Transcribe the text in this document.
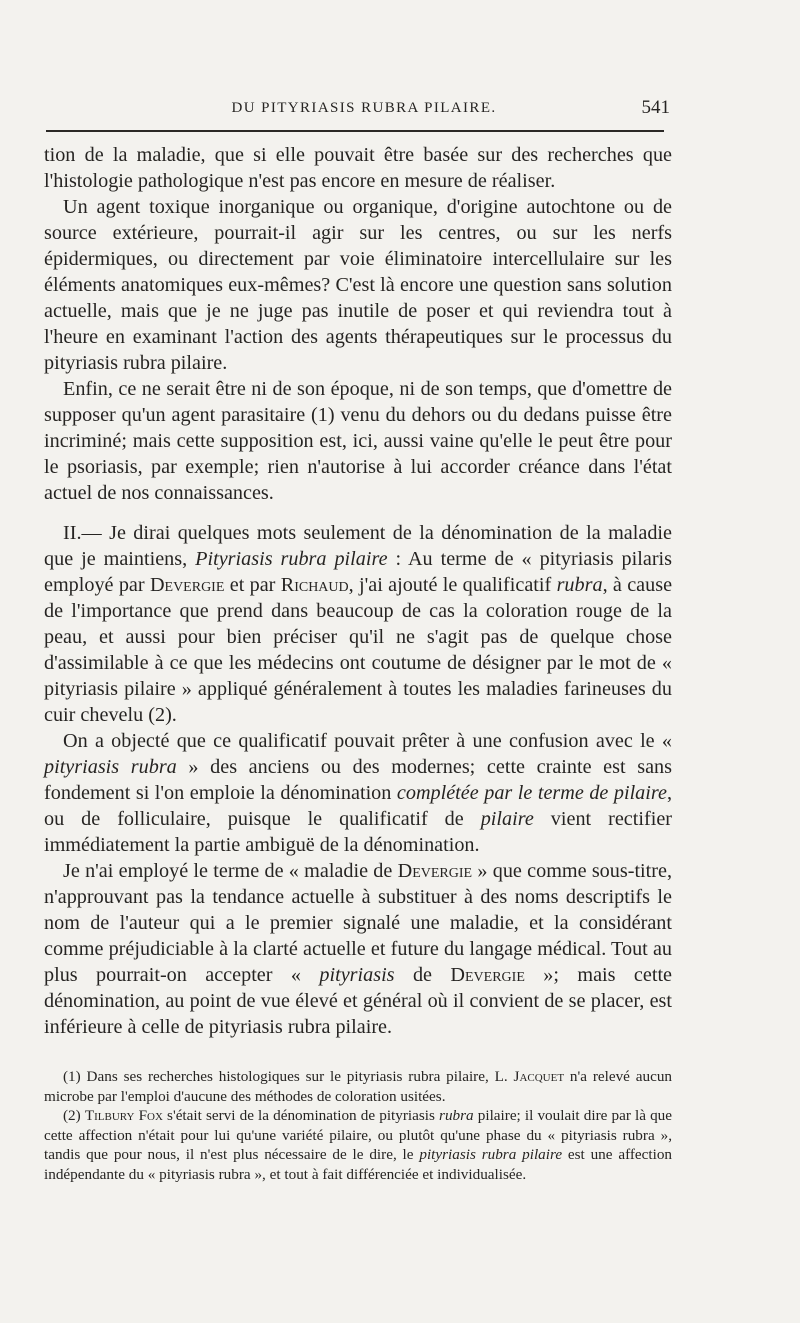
DU PITYRIASIS RUBRA PILAIRE.	541

tion de la maladie, que si elle pouvait être basée sur des recherches que l'histologie pathologique n'est pas encore en mesure de réaliser.

Un agent toxique inorganique ou organique, d'origine autochtone ou de source extérieure, pourrait-il agir sur les centres, ou sur les nerfs épidermiques, ou directement par voie éliminatoire intercellulaire sur les éléments anatomiques eux-mêmes? C'est là encore une question sans solution actuelle, mais que je ne juge pas inutile de poser et qui reviendra tout à l'heure en examinant l'action des agents thérapeutiques sur le processus du pityriasis rubra pilaire.

Enfin, ce ne serait être ni de son époque, ni de son temps, que d'omettre de supposer qu'un agent parasitaire (1) venu du dehors ou du dedans puisse être incriminé; mais cette supposition est, ici, aussi vaine qu'elle le peut être pour le psoriasis, par exemple; rien n'autorise à lui accorder créance dans l'état actuel de nos connaissances.

II.— Je dirai quelques mots seulement de la dénomination de la maladie que je maintiens, Pityriasis rubra pilaire : Au terme de « pityriasis pilaris employé par Devergie et par Richaud, j'ai ajouté le qualificatif rubra, à cause de l'importance que prend dans beaucoup de cas la coloration rouge de la peau, et aussi pour bien préciser qu'il ne s'agit pas de quelque chose d'assimilable à ce que les médecins ont coutume de désigner par le mot de « pityriasis pilaire » appliqué généralement à toutes les maladies farineuses du cuir chevelu (2).

On a objecté que ce qualificatif pouvait prêter à une confusion avec le « pityriasis rubra » des anciens ou des modernes; cette crainte est sans fondement si l'on emploie la dénomination complétée par le terme de pilaire, ou de folliculaire, puisque le qualificatif de pilaire vient rectifier immédiatement la partie ambiguë de la dénomination.

Je n'ai employé le terme de « maladie de Devergie » que comme sous-titre, n'approuvant pas la tendance actuelle à substituer à des noms descriptifs le nom de l'auteur qui a le premier signalé une maladie, et la considérant comme préjudiciable à la clarté actuelle et future du langage médical. Tout au plus pourrait-on accepter « pityriasis de Devergie »; mais cette dénomination, au point de vue élevé et général où il convient de se placer, est inférieure à celle de pityriasis rubra pilaire.

(1) Dans ses recherches histologiques sur le pityriasis rubra pilaire, L. Jacquet n'a relevé aucun microbe par l'emploi d'aucune des méthodes de coloration usitées.

(2) Tilbury Fox s'était servi de la dénomination de pityriasis rubra pilaire; il voulait dire par là que cette affection n'était pour lui qu'une variété pilaire, ou plutôt qu'une phase du « pityriasis rubra », tandis que pour nous, il n'est plus nécessaire de le dire, le pityriasis rubra pilaire est une affection indépendante du « pityriasis rubra », et tout à fait différenciée et individualisée.
